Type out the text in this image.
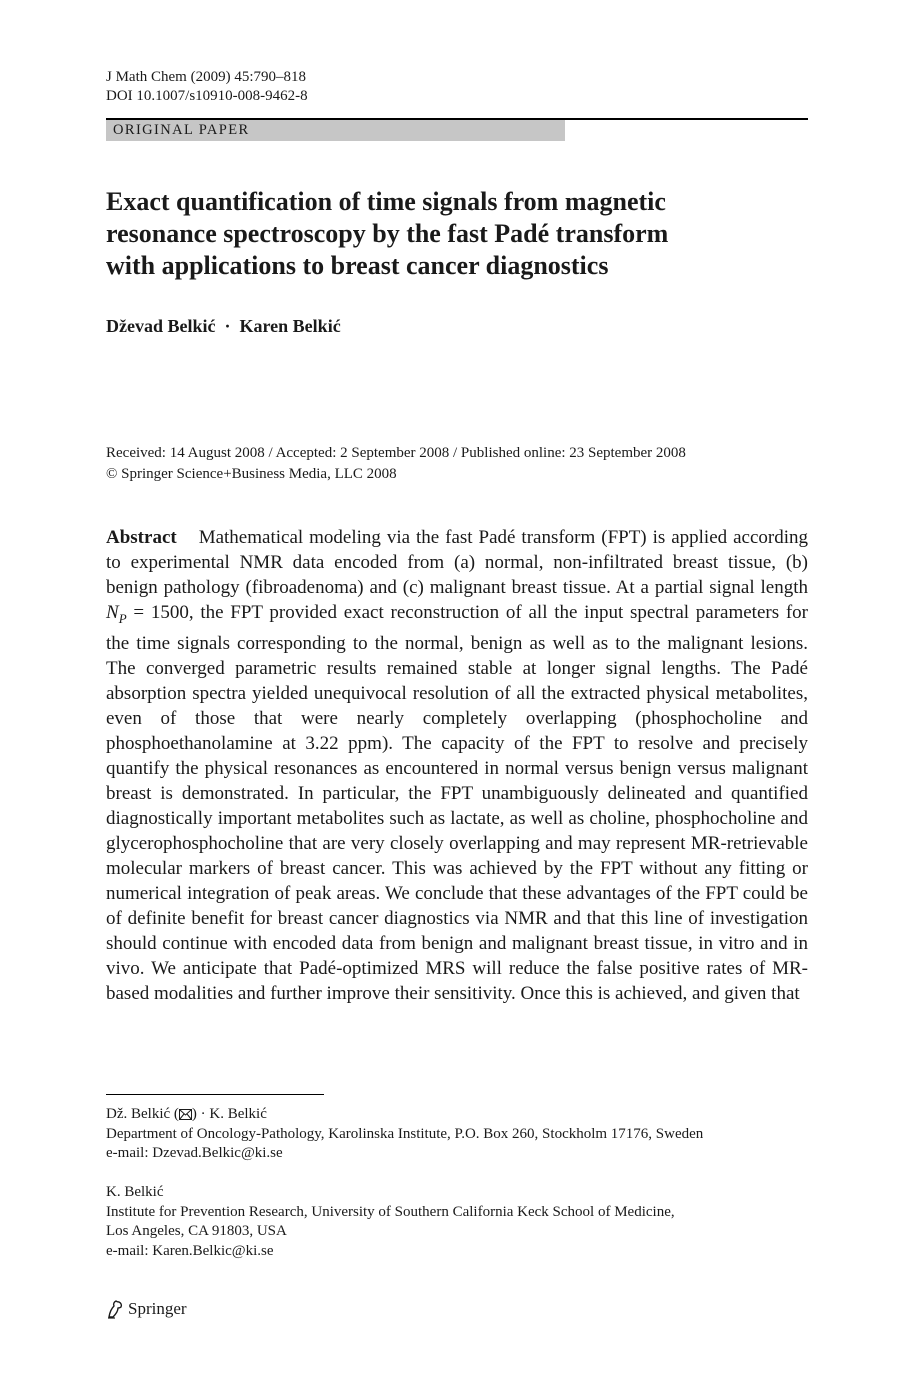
J Math Chem (2009) 45:790–818
DOI 10.1007/s10910-008-9462-8
ORIGINAL PAPER
Exact quantification of time signals from magnetic
resonance spectroscopy by the fast Padé transform
with applications to breast cancer diagnostics
Dževad Belkić · Karen Belkić
Received: 14 August 2008 / Accepted: 2 September 2008 / Published online: 23 September 2008
© Springer Science+Business Media, LLC 2008

Abstract Mathematical modeling via the fast Padé transform (FPT) is applied according to experimental NMR data encoded from (a) normal, non-infiltrated breast tissue, (b) benign pathology (fibroadenoma) and (c) malignant breast tissue. At a partial signal length $N_P = 1500$, the FPT provided exact reconstruction of all the input spectral parameters for the time signals corresponding to the normal, benign as well as to the malignant lesions. The converged parametric results remained stable at longer signal lengths. The Padé absorption spectra yielded unequivocal resolution of all the extracted physical metabolites, even of those that were nearly completely overlapping (phosphocholine and phosphoethanolamine at 3.22 ppm). The capacity of the FPT to resolve and precisely quantify the physical resonances as encountered in normal versus benign versus malignant breast is demonstrated. In particular, the FPT unambiguously delineated and quantified diagnostically important metabolites such as lactate, as well as choline, phosphocholine and glycerophosphocholine that are very closely overlapping and may represent MR-retrievable molecular markers of breast cancer. This was achieved by the FPT without any fitting or numerical integration of peak areas. We conclude that these advantages of the FPT could be of definite benefit for breast cancer diagnostics via NMR and that this line of investigation should continue with encoded data from benign and malignant breast tissue, in vitro and in vivo. We anticipate that Padé-optimized MRS will reduce the false positive rates of MR-based modalities and further improve their sensitivity. Once this is achieved, and given that

Dž. Belkić ( ) · K. Belkić
Department of Oncology-Pathology, Karolinska Institute, P.O. Box 260, Stockholm 17176, Sweden
e-mail: Dzevad.Belkic@ki.se
K. Belkić
Institute for Prevention Research, University of Southern California Keck School of Medicine,
Los Angeles, CA 91803, USA
e-mail: Karen.Belkic@ki.se
Springer
